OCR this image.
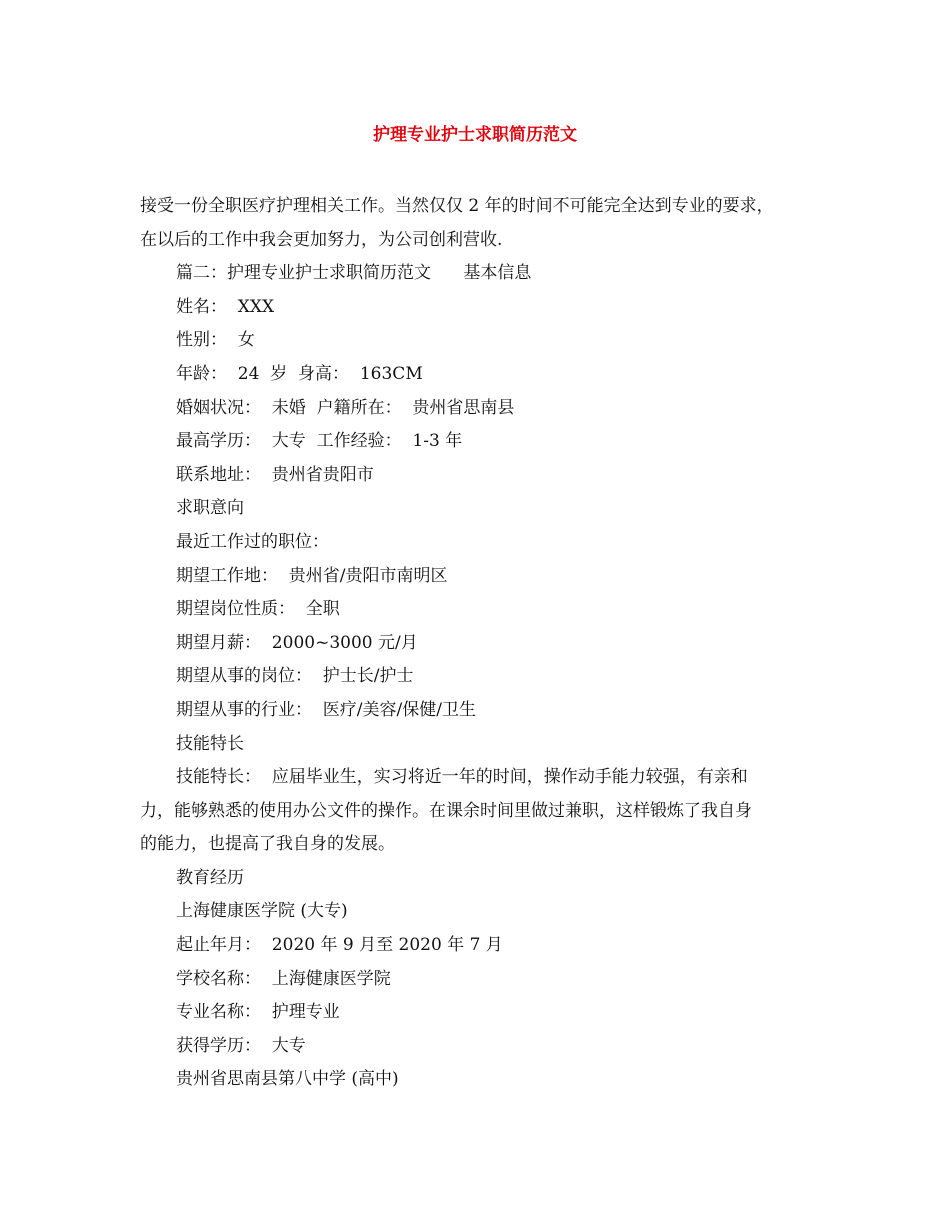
护理专业护士求职简历范文
接受一份全职医疗护理相关工作。当然仅仅 2 年的时间不可能完全达到专业的要求，
在以后的工作中我会更加努力，为公司创利营收.
篇二：护理专业护士求职简历范文      基本信息
姓名：  XXX
性别：  女
年龄：  24  岁  身高：  163CM
婚姻状况：  未婚  户籍所在：  贵州省思南县
最高学历：  大专  工作经验：  1-3 年
联系地址：  贵州省贵阳市
求职意向
最近工作过的职位：
期望工作地：  贵州省/贵阳市南明区
期望岗位性质：  全职
期望月薪：  2000~3000 元/月
期望从事的岗位：  护士长/护士
期望从事的行业：  医疗/美容/保健/卫生
技能特长
技能特长：  应届毕业生，实习将近一年的时间，操作动手能力较强，有亲和
力，能够熟悉的使用办公文件的操作。在课余时间里做过兼职，这样锻炼了我自身
的能力，也提高了我自身的发展。
教育经历
上海健康医学院 (大专)
起止年月：  2020 年 9 月至 2020 年 7 月
学校名称：  上海健康医学院
专业名称：  护理专业
获得学历：  大专
贵州省思南县第八中学 (高中)
